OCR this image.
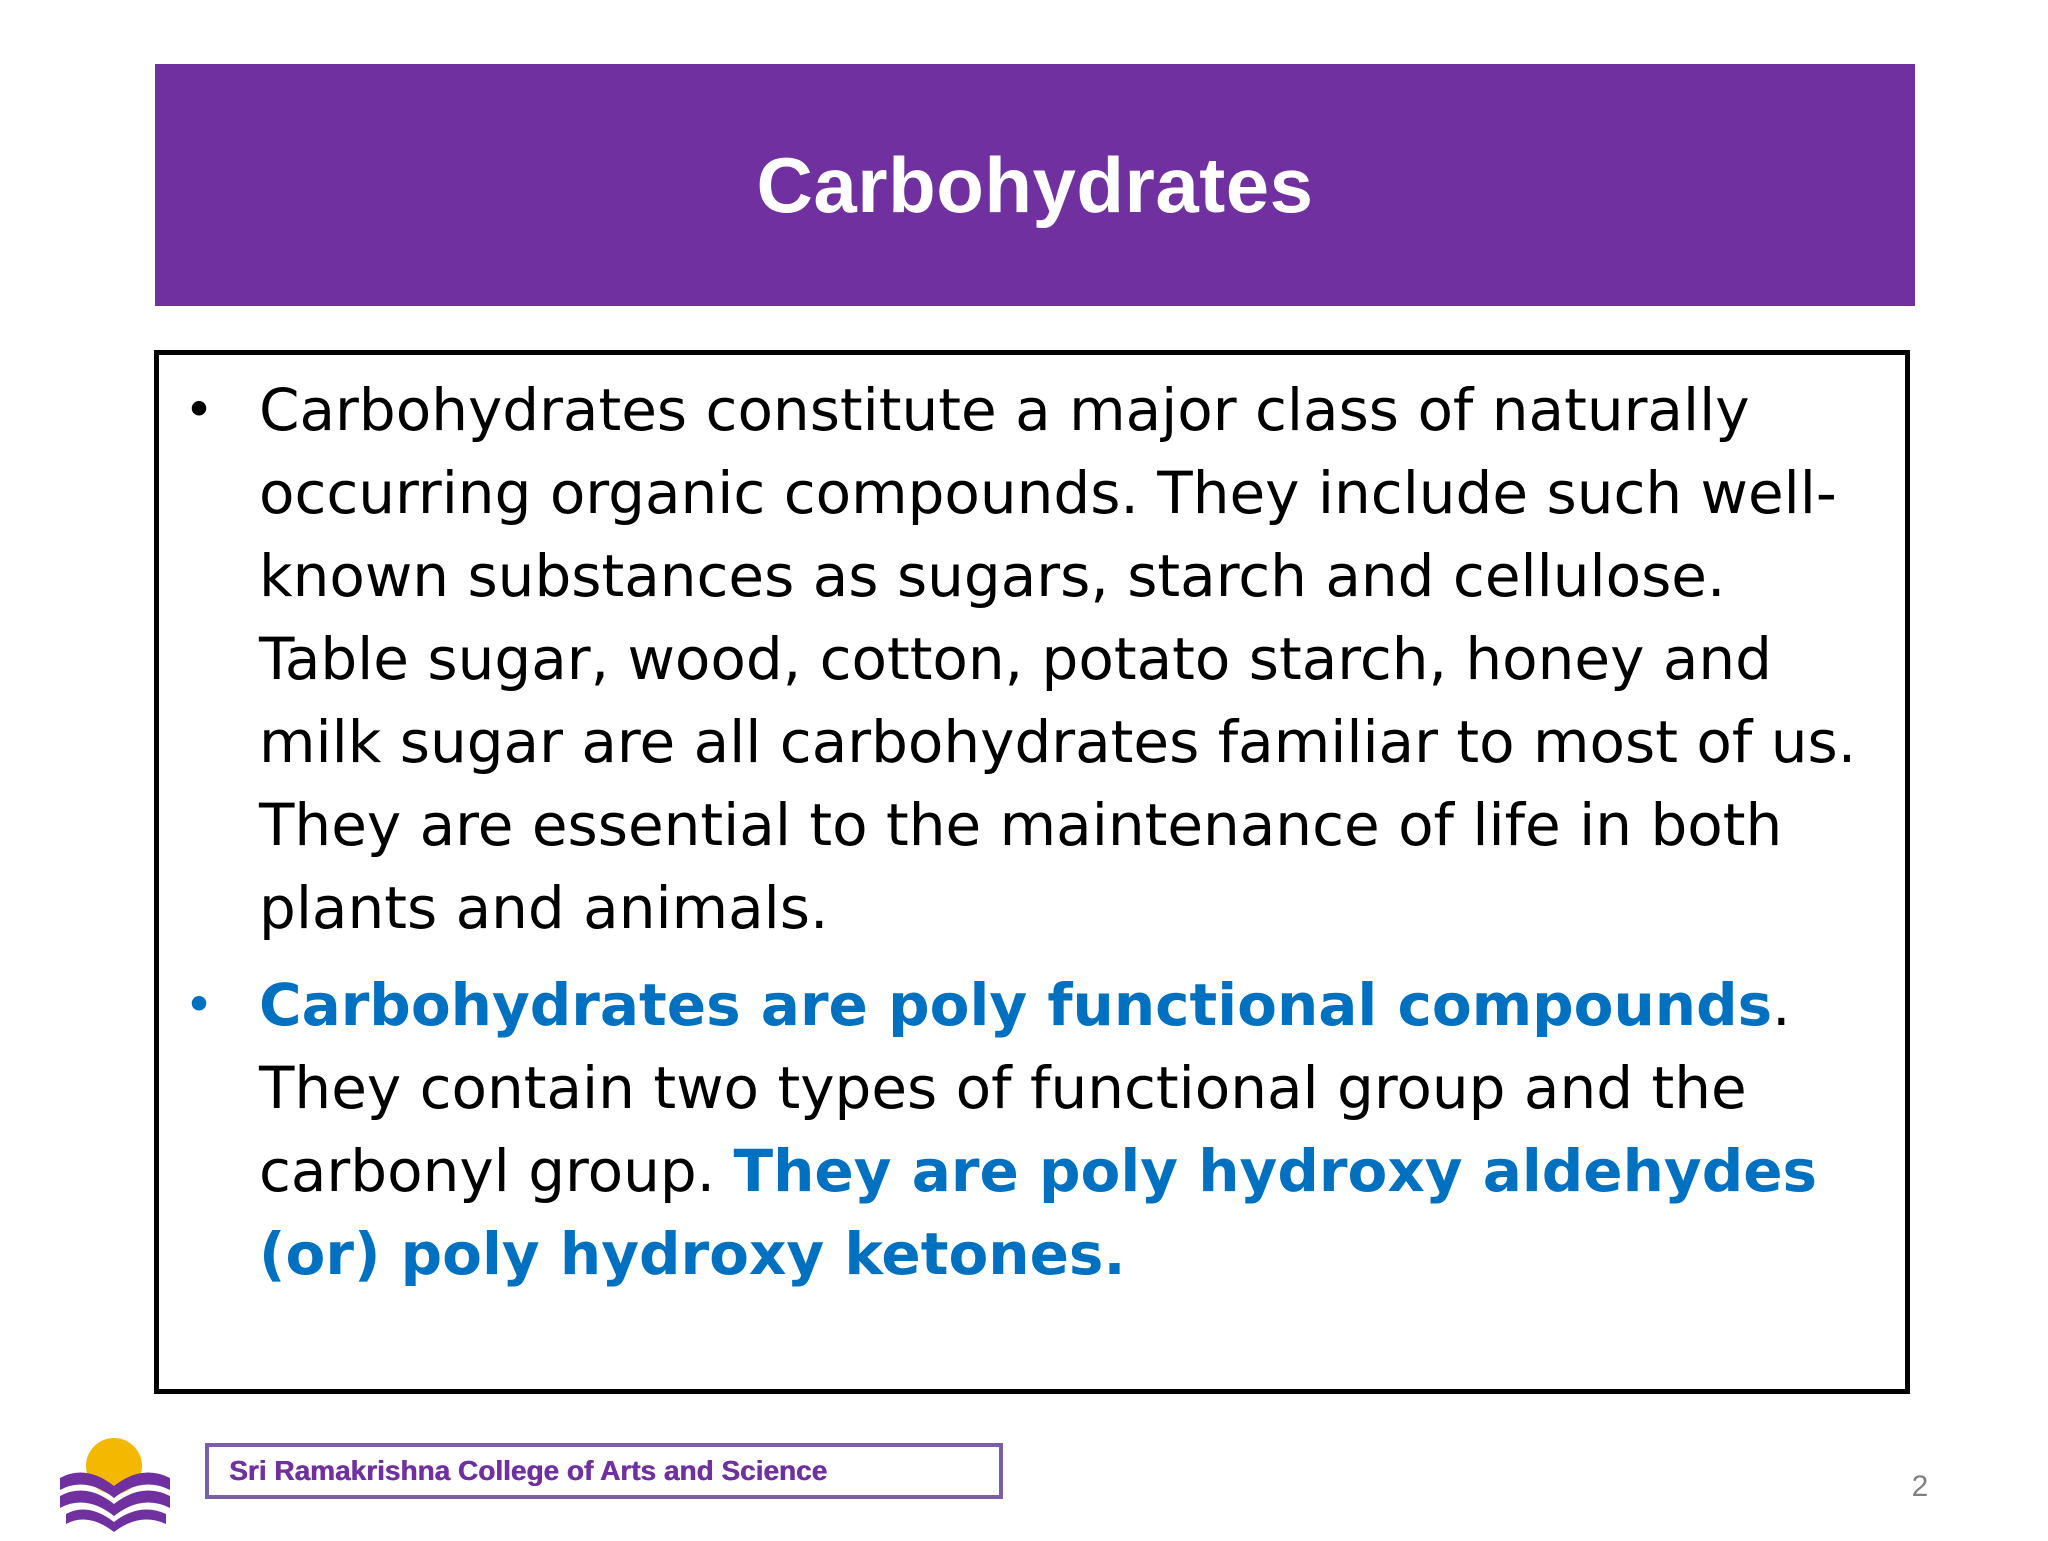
Carbohydrates
• Carbohydrates constitute a major class of naturally occurring organic compounds. They include such well-known substances as sugars, starch and cellulose. Table sugar, wood, cotton, potato starch, honey and milk sugar are all carbohydrates familiar to most of us. They are essential to the maintenance of life in both plants and animals.
• Carbohydrates are poly functional compounds. They contain two types of functional group and the carbonyl group. They are poly hydroxy aldehydes (or) poly hydroxy ketones.
Sri Ramakrishna College of Arts and Science	2
